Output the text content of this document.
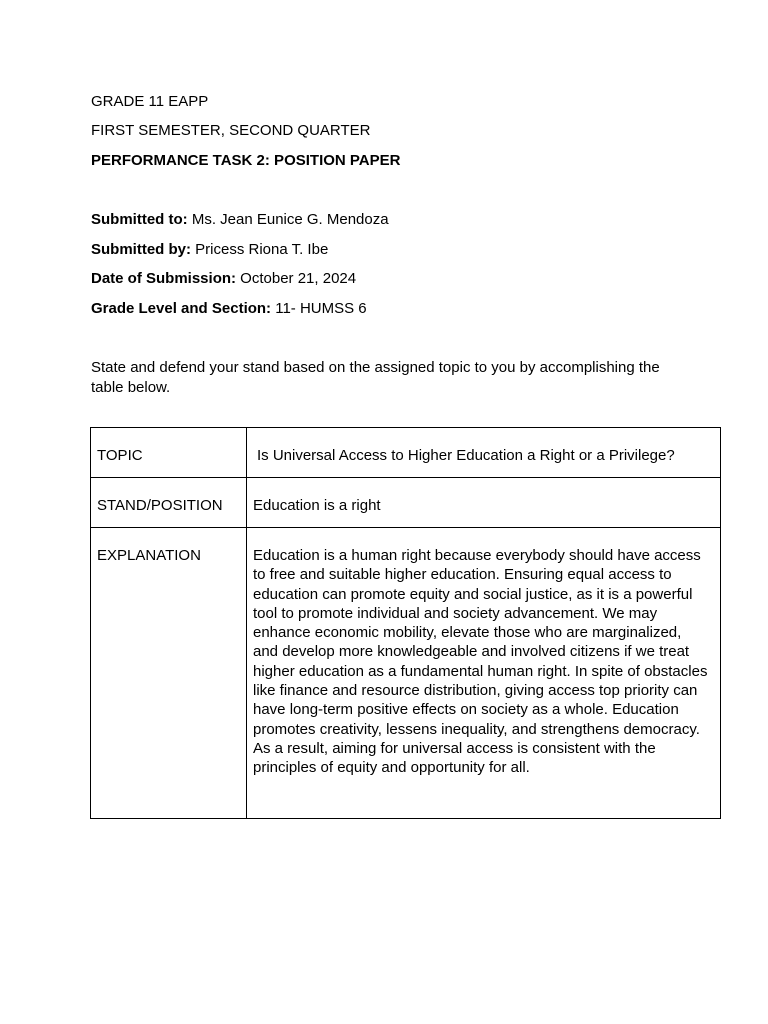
GRADE 11 EAPP
FIRST SEMESTER, SECOND QUARTER
PERFORMANCE TASK 2: POSITION PAPER
Submitted to: Ms. Jean Eunice G. Mendoza
Submitted by: Pricess Riona T. Ibe
Date of Submission: October 21, 2024
Grade Level and Section: 11- HUMSS 6
State and defend your stand based on the assigned topic to you by accomplishing the table below.
TOPIC	Is Universal Access to Higher Education a Right or a Privilege?

STAND/POSITION	Education is a right

EXPLANATION	Education is a human right because everybody should have access to free and suitable higher education. Ensuring equal access to education can promote equity and social justice, as it is a powerful tool to promote individual and society advancement. We may enhance economic mobility, elevate those who are marginalized, and develop more knowledgeable and involved citizens if we treat higher education as a fundamental human right. In spite of obstacles like finance and resource distribution, giving access top priority can have long-term positive effects on society as a whole. Education promotes creativity, lessens inequality, and strengthens democracy. As a result, aiming for universal access is consistent with the principles of equity and opportunity for all.
